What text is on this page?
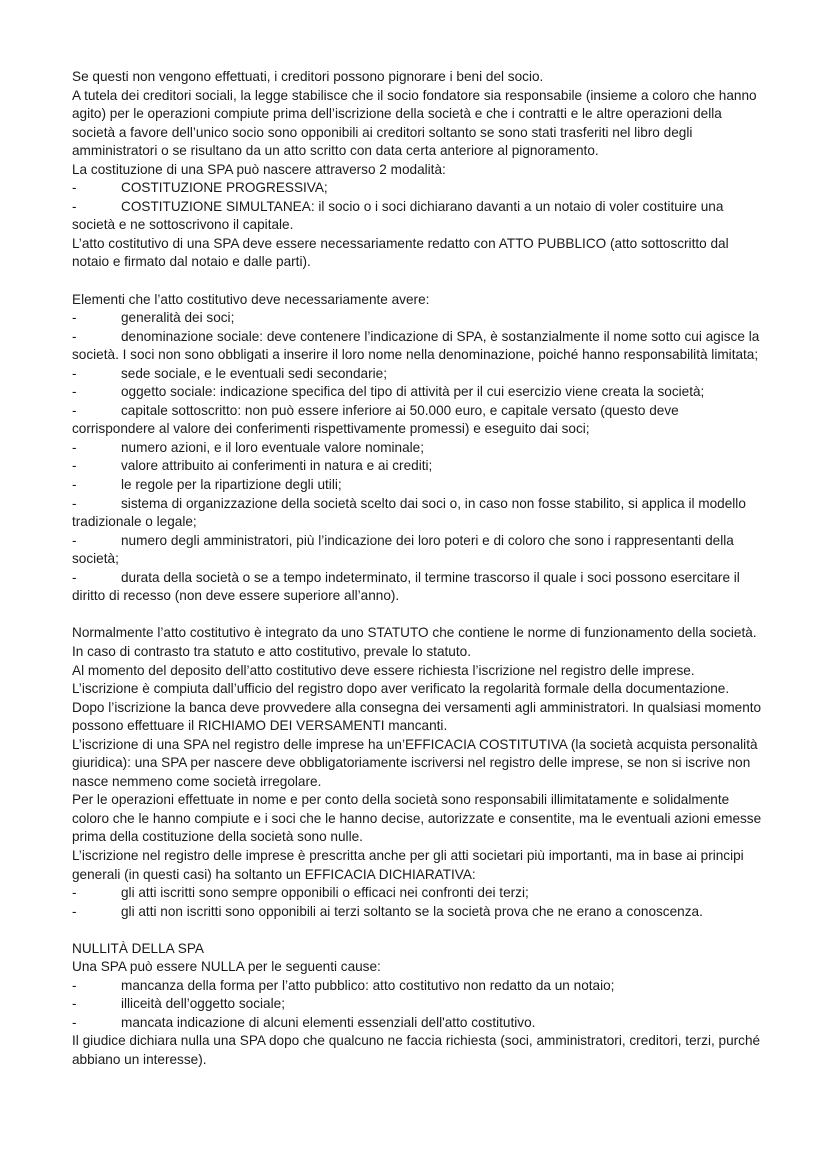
Se questi non vengono effettuati, i creditori possono pignorare i beni del socio.

A tutela dei creditori sociali, la legge stabilisce che il socio fondatore sia responsabile (insieme a coloro che hanno agito) per le operazioni compiute prima dell’iscrizione della società e che i contratti e le altre operazioni della società a favore dell’unico socio sono opponibili ai creditori soltanto se sono stati trasferiti nel libro degli amministratori o se risultano da un atto scritto con data certa anteriore al pignoramento.

La costituzione di una SPA può nascere attraverso 2 modalità:

-	COSTITUZIONE PROGRESSIVA;
-	COSTITUZIONE SIMULTANEA: il socio o i soci dichiarano davanti a un notaio di voler costituire una società e ne sottoscrivono il capitale.

L’atto costitutivo di una SPA deve essere necessariamente redatto con ATTO PUBBLICO (atto sottoscritto dal notaio e firmato dal notaio e dalle parti).

Elementi che l’atto costitutivo deve necessariamente avere:

-	generalità dei soci;
-	denominazione sociale: deve contenere l’indicazione di SPA, è sostanzialmente il nome sotto cui agisce la società. I soci non sono obbligati a inserire il loro nome nella denominazione, poiché hanno responsabilità limitata;
-	sede sociale, e le eventuali sedi secondarie;
-	oggetto sociale: indicazione specifica del tipo di attività per il cui esercizio viene creata la società;
-	capitale sottoscritto: non può essere inferiore ai 50.000 euro, e capitale versato (questo deve corrispondere al valore dei conferimenti rispettivamente promessi) e eseguito dai soci;
-	numero azioni, e il loro eventuale valore nominale;
-	valore attribuito ai conferimenti in natura e ai crediti;
-	le regole per la ripartizione degli utili;
-	sistema di organizzazione della società scelto dai soci o, in caso non fosse stabilito, si applica il modello tradizionale o legale;
-	numero degli amministratori, più l’indicazione dei loro poteri e di coloro che sono i rappresentanti della società;
-	durata della società o se a tempo indeterminato, il termine trascorso il quale i soci possono esercitare il diritto di recesso (non deve essere superiore all’anno).

Normalmente l’atto costitutivo è integrato da uno STATUTO che contiene le norme di funzionamento della società.

In caso di contrasto tra statuto e atto costitutivo, prevale lo statuto.

Al momento del deposito dell’atto costitutivo deve essere richiesta l’iscrizione nel registro delle imprese.

L’iscrizione è compiuta dall’ufficio del registro dopo aver verificato la regolarità formale della documentazione.

Dopo l’iscrizione la banca deve provvedere alla consegna dei versamenti agli amministratori. In qualsiasi momento possono effettuare il RICHIAMO DEI VERSAMENTI mancanti.

L’iscrizione di una SPA nel registro delle imprese ha un’EFFICACIA COSTITUTIVA (la società acquista personalità giuridica): una SPA per nascere deve obbligatoriamente iscriversi nel registro delle imprese, se non si iscrive non nasce nemmeno come società irregolare.

Per le operazioni effettuate in nome e per conto della società sono responsabili illimitatamente e solidalmente coloro che le hanno compiute e i soci che le hanno decise, autorizzate e consentite, ma le eventuali azioni emesse prima della costituzione della società sono nulle.

L’iscrizione nel registro delle imprese è prescritta anche per gli atti societari più importanti, ma in base ai principi generali (in questi casi) ha soltanto un EFFICACIA DICHIARATIVA:

-	gli atti iscritti sono sempre opponibili o efficaci nei confronti dei terzi;
-	gli atti non iscritti sono opponibili ai terzi soltanto se la società prova che ne erano a conoscenza.

NULLITÀ DELLA SPA

Una SPA può essere NULLA per le seguenti cause:

-	mancanza della forma per l’atto pubblico: atto costitutivo non redatto da un notaio;
-	illiceità dell’oggetto sociale;
-	mancata indicazione di alcuni elementi essenziali dell'atto costitutivo.

Il giudice dichiara nulla una SPA dopo che qualcuno ne faccia richiesta (soci, amministratori, creditori, terzi, purché abbiano un interesse).
